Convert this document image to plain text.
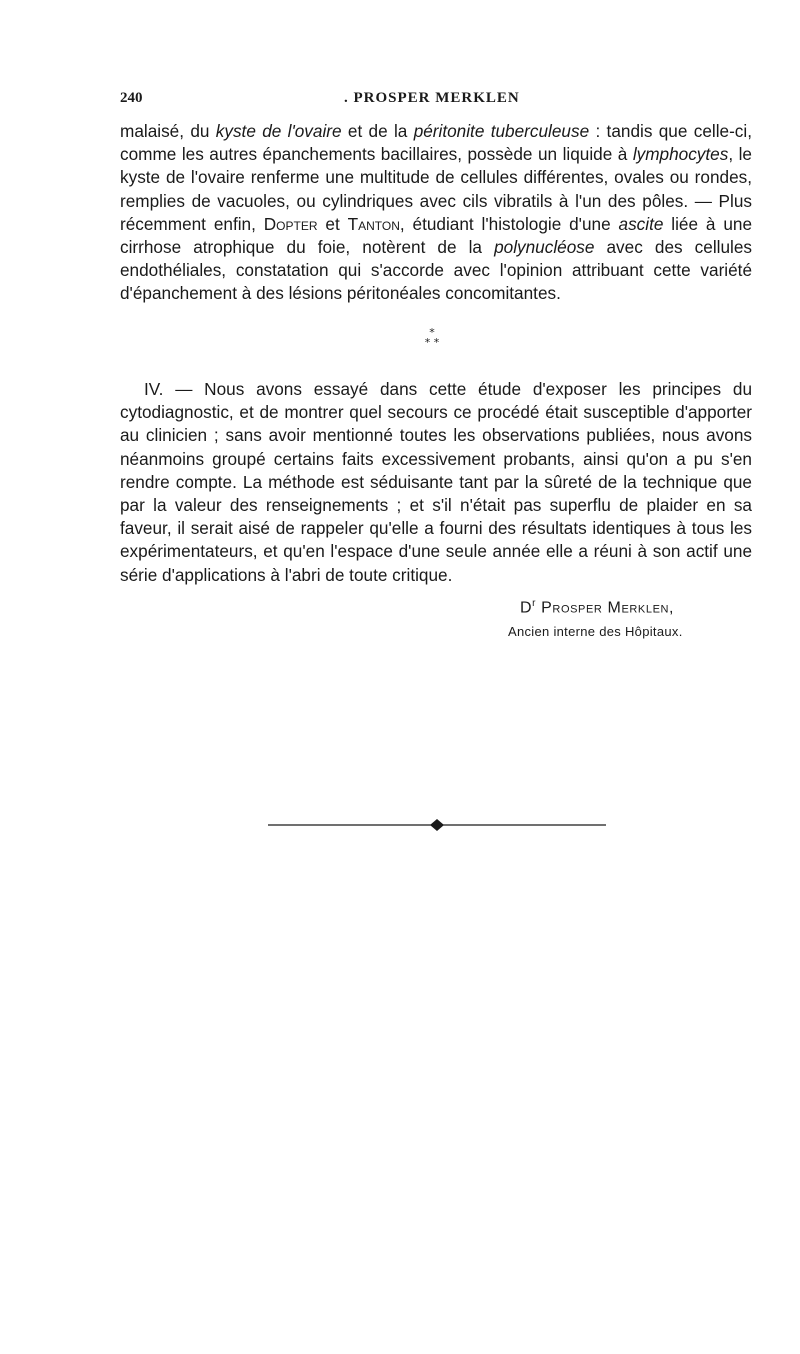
240	. PROSPER MERKLEN

malaisé, du kyste de l'ovaire et de la péritonite tuberculeuse : tandis que celle-ci, comme les autres épanchements bacillaires, possède un liquide à lymphocytes, le kyste de l'ovaire renferme une multitude de cellules différentes, ovales ou rondes, remplies de vacuoles, ou cylindriques avec cils vibratils à l'un des pôles. — Plus récemment enfin, Dopter et Tanton, étudiant l'histologie d'une ascite liée à une cirrhose atrophique du foie, notèrent de la polynucléose avec des cellules endothéliales, constatation qui s'accorde avec l'opinion attribuant cette variété d'épanchement à des lésions péritonéales concomitantes.

*
* *

IV. — Nous avons essayé dans cette étude d'exposer les principes du cytodiagnostic, et de montrer quel secours ce procédé était susceptible d'apporter au clinicien ; sans avoir mentionné toutes les observations publiées, nous avons néanmoins groupé certains faits excessivement probants, ainsi qu'on a pu s'en rendre compte. La méthode est séduisante tant par la sûreté de la technique que par la valeur des renseignements ; et s'il n'était pas superflu de plaider en sa faveur, il serait aisé de rappeler qu'elle a fourni des résultats identiques à tous les expérimentateurs, et qu'en l'espace d'une seule année elle a réuni à son actif une série d'applications à l'abri de toute critique.

$D^r$ Prosper Merklen,
Ancien interne des Hôpitaux.
